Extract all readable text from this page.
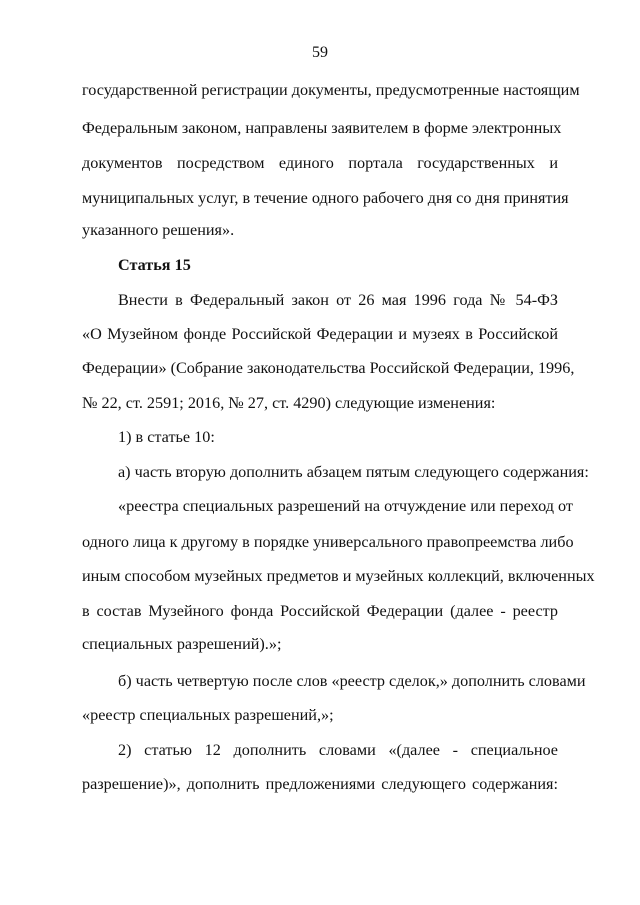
59
государственной регистрации документы, предусмотренные настоящим
Федеральным законом, направлены заявителем в форме электронных
документов посредством единого портала государственных и
муниципальных услуг, в течение одного рабочего дня со дня принятия
указанного решения».
Статья 15
Внести в Федеральный закон от 26 мая 1996 года № 54-ФЗ
«О Музейном фонде Российской Федерации и музеях в Российской
Федерации» (Собрание законодательства Российской Федерации, 1996,
№ 22, ст. 2591; 2016, № 27, ст. 4290) следующие изменения:
1) в статье 10:
а) часть вторую дополнить абзацем пятым следующего содержания:
«реестра специальных разрешений на отчуждение или переход от
одного лица к другому в порядке универсального правопреемства либо
иным способом музейных предметов и музейных коллекций, включенных
в состав Музейного фонда Российской Федерации (далее - реестр
специальных разрешений).»;
б) часть четвертую после слов «реестр сделок,» дополнить словами
«реестр специальных разрешений,»;
2) статью 12 дополнить словами «(далее - специальное
разрешение)», дополнить предложениями следующего содержания:
